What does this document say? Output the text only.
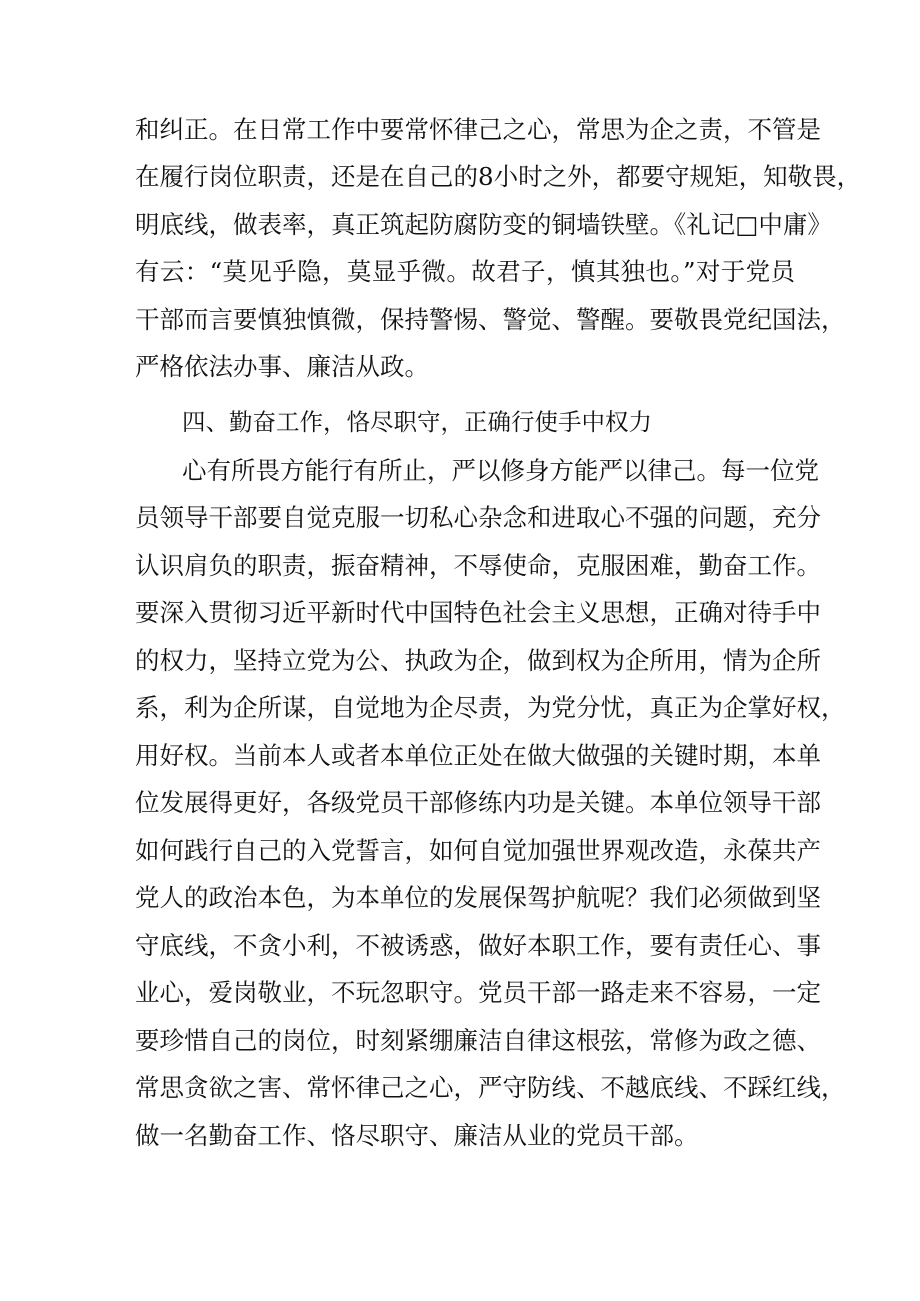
和纠正。在日常工作中要常怀律己之心，常思为企之责，不管是
在履行岗位职责，还是在自己的8小时之外，都要守规矩，知敬畏，
明底线，做表率，真正筑起防腐防变的铜墙铁壁。《礼记□中庸》
有云：“莫见乎隐，莫显乎微。故君子，慎其独也。”对于党员
干部而言要慎独慎微，保持警惕、警觉、警醒。要敬畏党纪国法，
严格依法办事、廉洁从政。
四、勤奋工作，恪尽职守，正确行使手中权力
心有所畏方能行有所止，严以修身方能严以律己。每一位党
员领导干部要自觉克服一切私心杂念和进取心不强的问题，充分
认识肩负的职责，振奋精神，不辱使命，克服困难，勤奋工作。
要深入贯彻习近平新时代中国特色社会主义思想，正确对待手中
的权力，坚持立党为公、执政为企，做到权为企所用，情为企所
系，利为企所谋，自觉地为企尽责，为党分忧，真正为企掌好权，
用好权。当前本人或者本单位正处在做大做强的关键时期，本单
位发展得更好，各级党员干部修练内功是关键。本单位领导干部
如何践行自己的入党誓言，如何自觉加强世界观改造，永葆共产
党人的政治本色，为本单位的发展保驾护航呢？我们必须做到坚
守底线，不贪小利，不被诱惑，做好本职工作，要有责任心、事
业心，爱岗敬业，不玩忽职守。党员干部一路走来不容易，一定
要珍惜自己的岗位，时刻紧绷廉洁自律这根弦，常修为政之德、
常思贪欲之害、常怀律己之心，严守防线、不越底线、不踩红线，
做一名勤奋工作、恪尽职守、廉洁从业的党员干部。
